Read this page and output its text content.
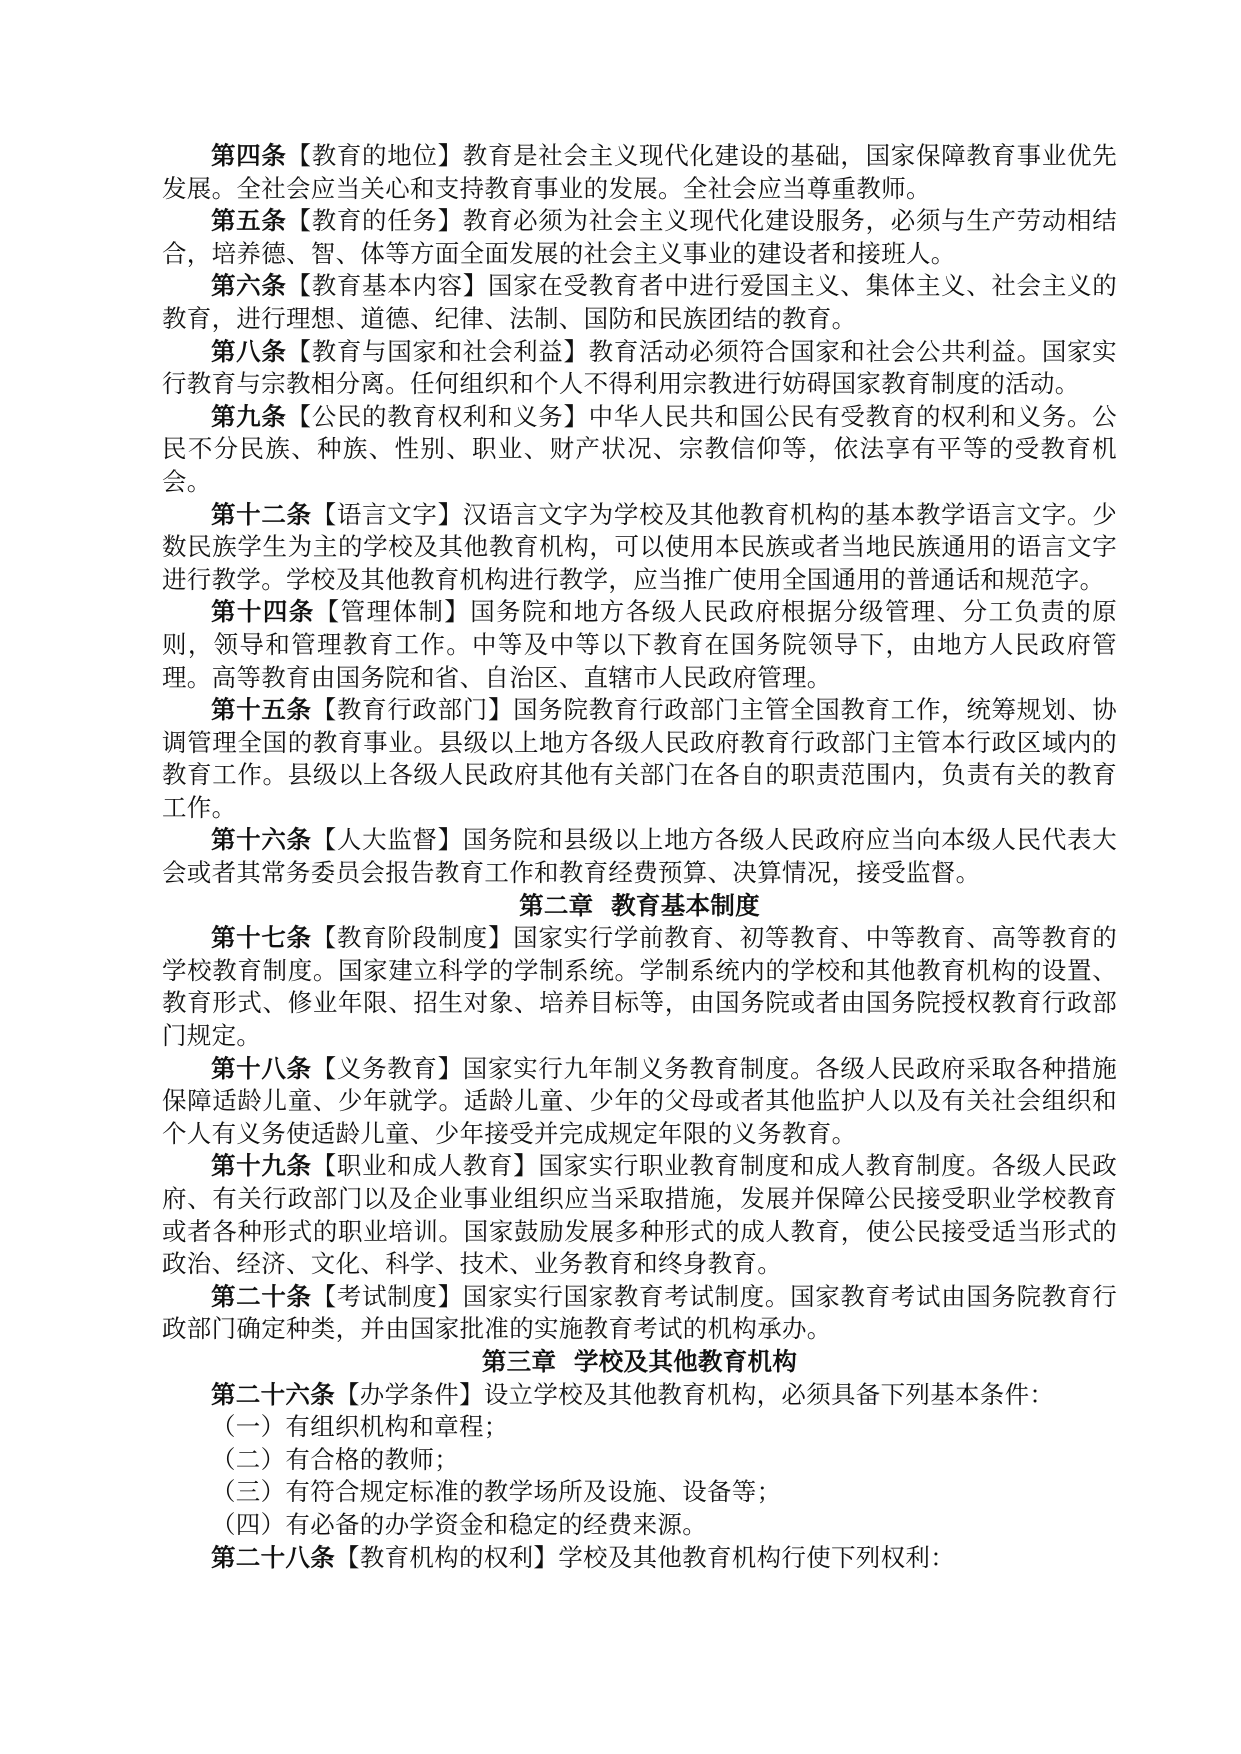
第四条【教育的地位】教育是社会主义现代化建设的基础，国家保障教育事业优先发展。全社会应当关心和支持教育事业的发展。全社会应当尊重教师。

第五条【教育的任务】教育必须为社会主义现代化建设服务，必须与生产劳动相结合，培养德、智、体等方面全面发展的社会主义事业的建设者和接班人。

第六条【教育基本内容】国家在受教育者中进行爱国主义、集体主义、社会主义的教育，进行理想、道德、纪律、法制、国防和民族团结的教育。

第八条【教育与国家和社会利益】教育活动必须符合国家和社会公共利益。国家实行教育与宗教相分离。任何组织和个人不得利用宗教进行妨碍国家教育制度的活动。

第九条【公民的教育权利和义务】中华人民共和国公民有受教育的权利和义务。公民不分民族、种族、性别、职业、财产状况、宗教信仰等，依法享有平等的受教育机会。

第十二条【语言文字】汉语言文字为学校及其他教育机构的基本教学语言文字。少数民族学生为主的学校及其他教育机构，可以使用本民族或者当地民族通用的语言文字进行教学。学校及其他教育机构进行教学，应当推广使用全国通用的普通话和规范字。

第十四条【管理体制】国务院和地方各级人民政府根据分级管理、分工负责的原则，领导和管理教育工作。中等及中等以下教育在国务院领导下，由地方人民政府管理。高等教育由国务院和省、自治区、直辖市人民政府管理。

第十五条【教育行政部门】国务院教育行政部门主管全国教育工作，统筹规划、协调管理全国的教育事业。县级以上地方各级人民政府教育行政部门主管本行政区域内的教育工作。县级以上各级人民政府其他有关部门在各自的职责范围内，负责有关的教育工作。

第十六条【人大监督】国务院和县级以上地方各级人民政府应当向本级人民代表大会或者其常务委员会报告教育工作和教育经费预算、决算情况，接受监督。

第二章  教育基本制度

第十七条【教育阶段制度】国家实行学前教育、初等教育、中等教育、高等教育的学校教育制度。国家建立科学的学制系统。学制系统内的学校和其他教育机构的设置、教育形式、修业年限、招生对象、培养目标等，由国务院或者由国务院授权教育行政部门规定。

第十八条【义务教育】国家实行九年制义务教育制度。各级人民政府采取各种措施保障适龄儿童、少年就学。适龄儿童、少年的父母或者其他监护人以及有关社会组织和个人有义务使适龄儿童、少年接受并完成规定年限的义务教育。

第十九条【职业和成人教育】国家实行职业教育制度和成人教育制度。各级人民政府、有关行政部门以及企业事业组织应当采取措施，发展并保障公民接受职业学校教育或者各种形式的职业培训。国家鼓励发展多种形式的成人教育，使公民接受适当形式的政治、经济、文化、科学、技术、业务教育和终身教育。

第二十条【考试制度】国家实行国家教育考试制度。国家教育考试由国务院教育行政部门确定种类，并由国家批准的实施教育考试的机构承办。

第三章  学校及其他教育机构

第二十六条【办学条件】设立学校及其他教育机构，必须具备下列基本条件：

（一）有组织机构和章程；

（二）有合格的教师；

（三）有符合规定标准的教学场所及设施、设备等；

（四）有必备的办学资金和稳定的经费来源。

第二十八条【教育机构的权利】学校及其他教育机构行使下列权利：
